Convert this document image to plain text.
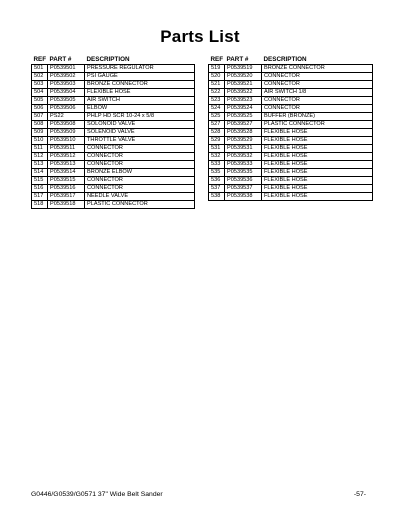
Parts List
REF	PART #	DESCRIPTION
501	P0539501	PRESSURE REGULATOR
502	P0539502	PSI GAUGE
503	P0539503	BRONZE CONNECTOR
504	P0539504	FLEXIBLE HOSE
505	P0539505	AIR SWITCH
506	P0539506	ELBOW
507	PS22	PHLP HD SCR 10-24 x 5/8
508	P0539508	SOLONOID VALVE
509	P0539509	SOLENOID VALVE
510	P0539510	THROTTLE VALVE
511	P0539511	CONNECTOR
512	P0539512	CONNECTOR
513	P0539513	CONNECTOR
514	P0539514	BRONZE ELBOW
515	P0539515	CONNECTOR
516	P0539516	CONNECTOR
517	P0539517	NEEDLE VALVE
518	P0539518	PLASTIC CONNECTOR
REF	PART #	DESCRIPTION
519	P0539519	BRONZE CONNECTOR
520	P0539520	CONNECTOR
521	P0539521	CONNECTOR
522	P0539522	AIR SWITCH 1/8
523	P0539523	CONNECTOR
524	P0539524	CONNECTOR
525	P0539525	BUFFER (BRONZE)
527	P0539527	PLASTIC CONNECTOR
528	P0539528	FLEXIBLE HOSE
529	P0539529	FLEXIBLE HOSE
531	P0539531	FLEXIBLE HOSE
532	P0539532	FLEXIBLE HOSE
533	P0539533	FLEXIBLE HOSE
535	P0539535	FLEXIBLE HOSE
536	P0539536	FLEXIBLE HOSE
537	P0539537	FLEXIBLE HOSE
538	P0539538	FLEXIBLE HOSE
G0446/G0539/G0571 37" Wide Belt Sander	-57-
